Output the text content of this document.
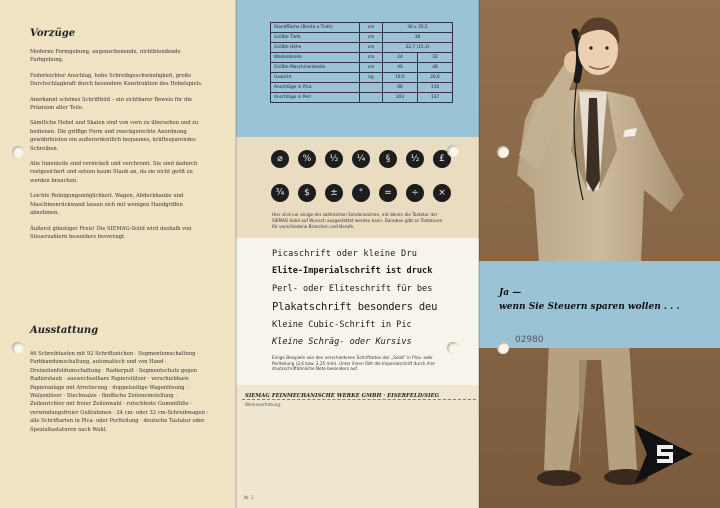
Vorzüge

Moderne Formgebung, augenschonende, nichtblendende Farbgebung.

Federleichter Anschlag, hohe Schreibgeschwindigkeit, große Durchschlagkraft durch besondere Konstruktion des Hebelspiels.

Anerkannt schönes Schriftbild – ein sichtbarer Beweis für die Präzision aller Teile.

Sämtliche Hebel und Skalen sind von vorn zu übersehen und zu bedienen. Die griffige Form und zweckgerechte Anordnung gewährleisten ein außerordentlich bequemes, kräftesparendes Schreiben.

Alle Innenteile sind vernickelt und verchromt. Sie sind dadurch rostgesichert und setzen kaum Staub an, da sie nicht geölt zu werden brauchen.

Leichte Reinigungsmöglichkeit. Wagen, Abdeckhaube und Maschinenrückwand lassen sich mit wenigen Handgriffen abnehmen.

Äußerst günstiger Preis! Die SIEMAG-Solid wird deshalb von Steuerzahlern besonders bevorzugt.

Ausstattung
46 Schreibtasten mit 92 Schriftzeichen · Segmentumschaltung · Farbbandumschaltung, automatisch und von Hand · Dreizeilenfeldumschaltung · Radierpult · Segmentschutz gegen Radierstaub · auswechselbare Papierstützer · verschiebbare Papieranlage mit Arretierung · doppelseitige Wagenlösung · Walzenlöser · Stechwalze · fünffache Zeileneinstellung · Zeilenrichter mit freier Zeilenwahl · rutschfeste Gummifüße · verwindungsfreier Gußrahmen · 24 cm- oder 32 cm-Schreibwagen · alle Schriftarten in Pica- oder Perlteilung · deutsche Tastatur oder Spezialtastaturen nach Wahl.
Standfläche (Breite x Tiefe)	cm	30 x 35,5	
Größte Tiefe	cm	38	
Größte Höhe	cm	22,7 (15,3)	
Walzenbreite	cm	24	32
Größte Maschinenbreite	cm	40	48
Gewicht	kg	19,5	20,6
Anschläge in Pica		88	116
Anschläge in Perl		103	137
⌀	%	½	¼	§	½	£
¾	$	±	°	=	÷	×
Hier sind nur einige der zahlreichen Sonderzeichen, mit denen die Tastatur der SIEMAG-Solid auf Wunsch ausgestattet werden kann. Daneben gibt es Tastaturen für verschiedene Branchen und Berufe.
Picaschrift oder kleine Dru
Elite-Imperialschrift ist druck
Perl- oder Eliteschrift für bes
Plakatschrift besonders deu
Kleine Cubic-Schrift in Pic
Kleine Schräg- oder Kursivs
Einige Beispiele von den verschiedenen Schriftarten der „Solid“ in Pica- oder Perlteilung (2,6 bzw. 2,25 mm). Unter ihnen fällt die Imperialschrift durch ihre druckschriftähnliche Note besonders auf.
SIEMAG FEINMECHANISCHE WERKE GMBH · EISERFELD/SIEG
Werksvertretung:
Nr. 1
Ja —
wenn Sie Steuern sparen wollen . . .
02980
